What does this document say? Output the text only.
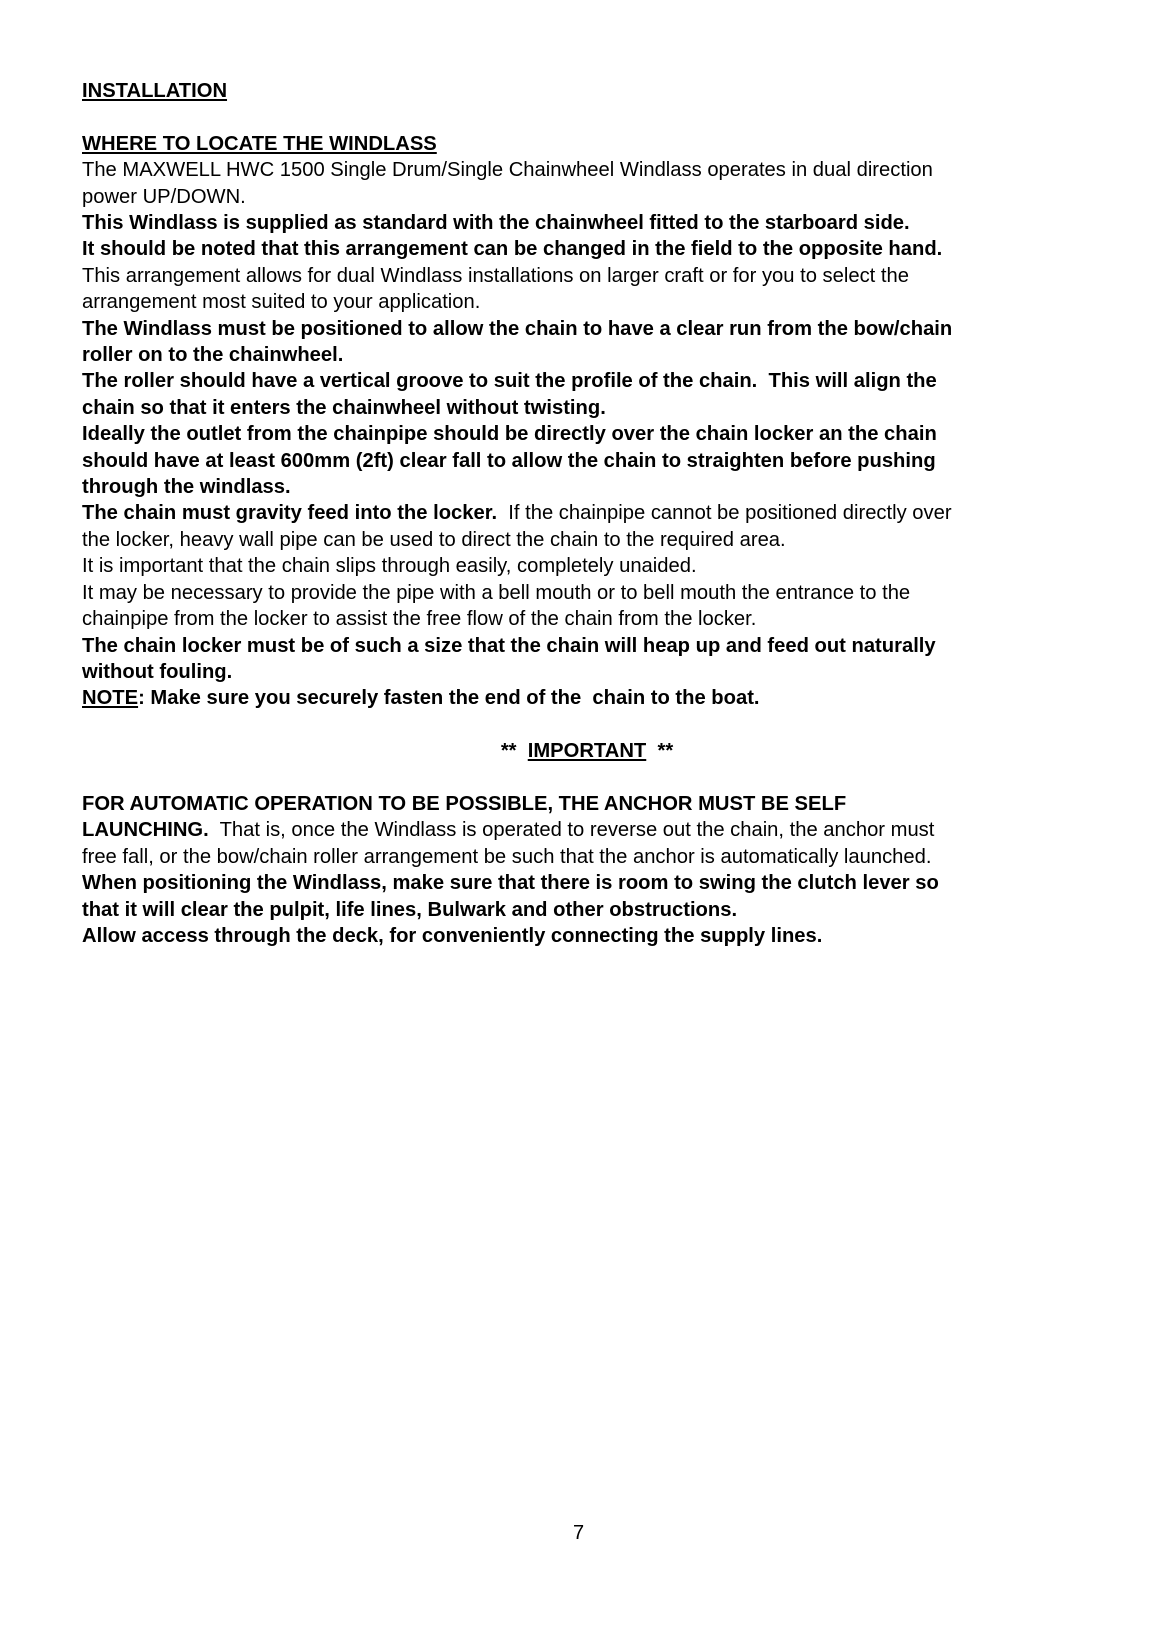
INSTALLATION
WHERE TO LOCATE THE WINDLASS
The MAXWELL HWC 1500 Single Drum/Single Chainwheel Windlass operates in dual direction
power UP/DOWN.
This Windlass is supplied as standard with the chainwheel fitted to the starboard side.
It should be noted that this arrangement can be changed in the field to the opposite hand.
This arrangement allows for dual Windlass installations on larger craft or for you to select the
arrangement most suited to your application.
The Windlass must be positioned to allow the chain to have a clear run from the bow/chain
roller on to the chainwheel.
The roller should have a vertical groove to suit the profile of the chain.  This will align the
chain so that it enters the chainwheel without twisting.
Ideally the outlet from the chainpipe should be directly over the chain locker an the chain
should have at least 600mm (2ft) clear fall to allow the chain to straighten before pushing
through the windlass.
The chain must gravity feed into the locker.  If the chainpipe cannot be positioned directly over
the locker, heavy wall pipe can be used to direct the chain to the required area.
It is important that the chain slips through easily, completely unaided.
It may be necessary to provide the pipe with a bell mouth or to bell mouth the entrance to the
chainpipe from the locker to assist the free flow of the chain from the locker.
The chain locker must be of such a size that the chain will heap up and feed out naturally
without fouling.
NOTE: Make sure you securely fasten the end of the  chain to the boat.
**  IMPORTANT  **
FOR AUTOMATIC OPERATION TO BE POSSIBLE, THE ANCHOR MUST BE SELF
LAUNCHING.  That is, once the Windlass is operated to reverse out the chain, the anchor must
free fall, or the bow/chain roller arrangement be such that the anchor is automatically launched.
When positioning the Windlass, make sure that there is room to swing the clutch lever so
that it will clear the pulpit, life lines, Bulwark and other obstructions.
Allow access through the deck, for conveniently connecting the supply lines.
7
